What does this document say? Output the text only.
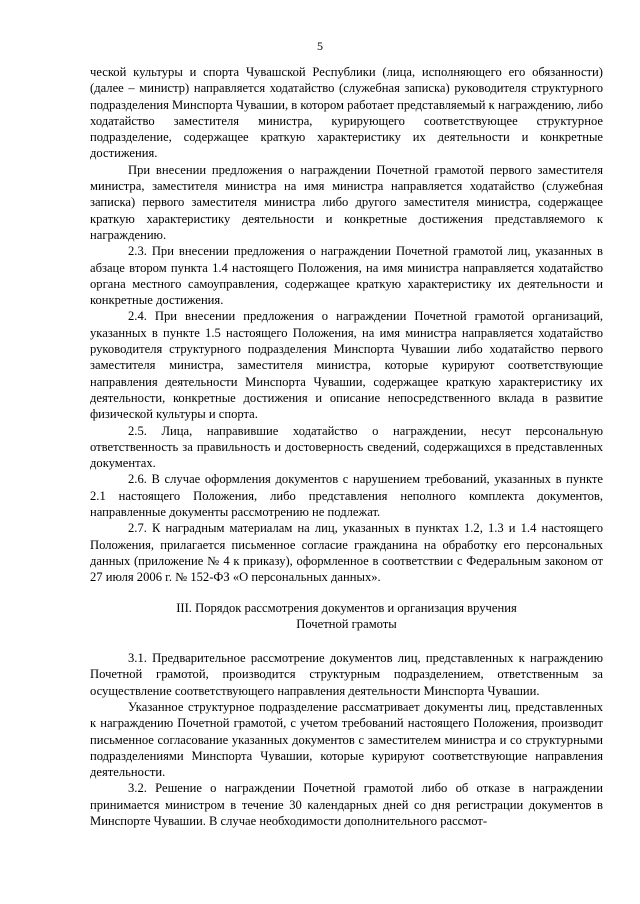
5

ческой культуры и спорта Чувашской Республики (лица, исполняющего его обязанности) (далее – министр) направляется ходатайство (служебная записка) руководителя структурного подразделения Минспорта Чувашии, в котором работает представляемый к награждению, либо ходатайство заместителя министра, курирующего соответствующее структурное подразделение, содержащее краткую характеристику их деятельности и конкретные достижения.

При внесении предложения о награждении Почетной грамотой первого заместителя министра, заместителя министра на имя министра направляется ходатайство (служебная записка) первого заместителя министра либо другого заместителя министра, содержащее краткую характеристику деятельности и конкретные достижения представляемого к награждению.

2.3. При внесении предложения о награждении Почетной грамотой лиц, указанных в абзаце втором пункта 1.4 настоящего Положения, на имя министра направляется ходатайство органа местного самоуправления, содержащее краткую характеристику их деятельности и конкретные достижения.

2.4. При внесении предложения о награждении Почетной грамотой организаций, указанных в пункте 1.5 настоящего Положения, на имя министра направляется ходатайство руководителя структурного подразделения Минспорта Чувашии либо ходатайство первого заместителя министра, заместителя министра, которые курируют соответствующие направления деятельности Минспорта Чувашии, содержащее краткую характеристику их деятельности, конкретные достижения и описание непосредственного вклада в развитие физической культуры и спорта.

2.5. Лица, направившие ходатайство о награждении, несут персональную ответственность за правильность и достоверность сведений, содержащихся в представленных документах.

2.6. В случае оформления документов с нарушением требований, указанных в пункте 2.1 настоящего Положения, либо представления неполного комплекта документов, направленные документы рассмотрению не подлежат.

2.7. К наградным материалам на лиц, указанных в пунктах 1.2, 1.3 и 1.4 настоящего Положения, прилагается письменное согласие гражданина на обработку его персональных данных (приложение № 4 к приказу), оформленное в соответствии с Федеральным законом от 27 июля 2006 г. № 152-ФЗ «О персональных данных».

III. Порядок рассмотрения документов и организация вручения
Почетной грамоты

3.1. Предварительное рассмотрение документов лиц, представленных к награждению Почетной грамотой, производится структурным подразделением, ответственным за осуществление соответствующего направления деятельности Минспорта Чувашии.

Указанное структурное подразделение рассматривает документы лиц, представленных к награждению Почетной грамотой, с учетом требований настоящего Положения, производит письменное согласование указанных документов с заместителем министра и со структурными подразделениями Минспорта Чувашии, которые курируют соответствующие направления деятельности.

3.2. Решение о награждении Почетной грамотой либо об отказе в награждении принимается министром в течение 30 календарных дней со дня регистрации документов в Минспорте Чувашии. В случае необходимости дополнительного рассмот-
